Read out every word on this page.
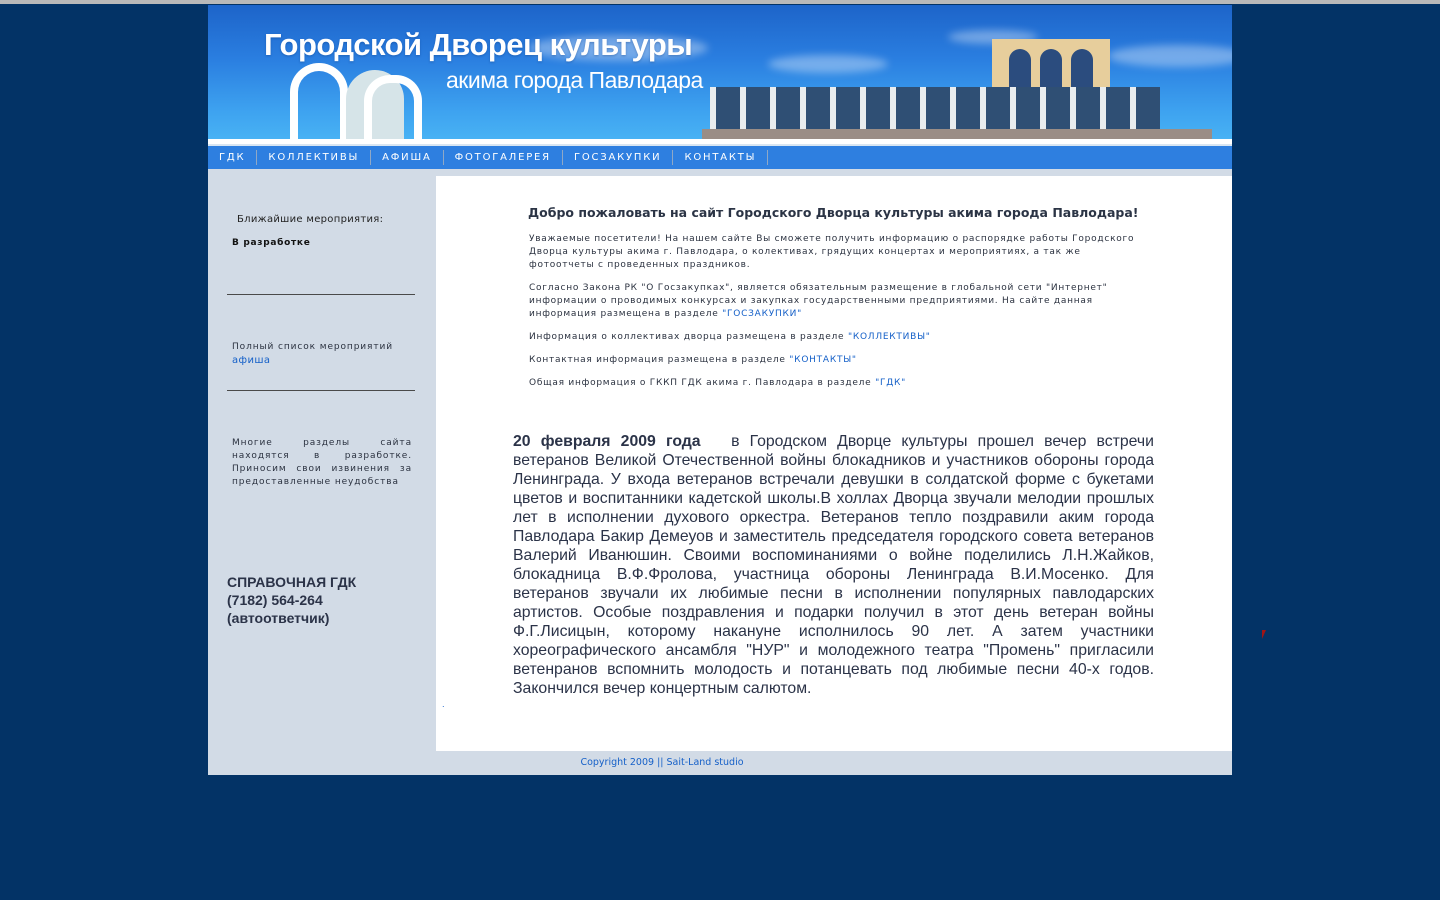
Городской Дворец культуры
акима города Павлодара
ГДК	КОЛЛЕКТИВЫ	АФИША	ФОТОГАЛЕРЕЯ	ГОСЗАКУПКИ	КОНТАКТЫ
Ближайшие мероприятия:
В разработке
Полный список мероприятий
афиша
Многие разделы сайта находятся в разработке. Приносим свои извинения за предоставленные неудобства
СПРАВОЧНАЯ ГДК
(7182) 564-264
(автоответчик)
Добро пожаловать на сайт Городского Дворца культуры акима города Павлодара!
Уважаемые посетители! На нашем сайте Вы сможете получить информацию о распорядке работы Городского Дворца культуры акима г. Павлодара, о колективах, грядущих концертах и мероприятиях, а так же фотоотчеты с проведенных праздников.
Согласно Закона РК "О Госзакупках", является обязательным размещение в глобальной сети "Интернет" информации о проводимых конкурсах и закупках государственными предприятиями. На сайте данная информация размещена в разделе "ГОСЗАКУПКИ"
Информация о коллективах дворца размещена в разделе "КОЛЛЕКТИВЫ"
Контактная информация размещена в разделе "КОНТАКТЫ"
Общая информация о ГККП ГДК акима г. Павлодара в разделе "ГДК"
20 февраля 2009 года в Городском Дворце культуры прошел вечер встречи ветеранов Великой Отечественной войны блокадников и участников обороны города Ленинграда. У входа ветеранов встречали девушки в солдатской форме с букетами цветов и воспитанники кадетской школы.В холлах Дворца звучали мелодии прошлых лет в исполнении духового оркестра. Ветеранов тепло поздравили аким города Павлодара Бакир Демеуов и заместитель председателя городского совета ветеранов Валерий Иванюшин. Своими воспоминаниями о войне поделились Л.Н.Жайков, блокадница В.Ф.Фролова, участница обороны Ленинграда В.И.Мосенко. Для ветеранов звучали их любимые песни в исполнении популярных павлодарских артистов. Особые поздравления и подарки получил в этот день ветеран войны Ф.Г.Лисицын, которому накануне исполнилось 90 лет. А затем участники хореографического ансамбля "НУР" и молодежного театра "Промень" пригласили ветенранов вспомнить молодость и потанцевать под любимые песни 40-х годов. Закончился вечер концертным салютом.
.
Copyright 2009 || Sait-Land studio
